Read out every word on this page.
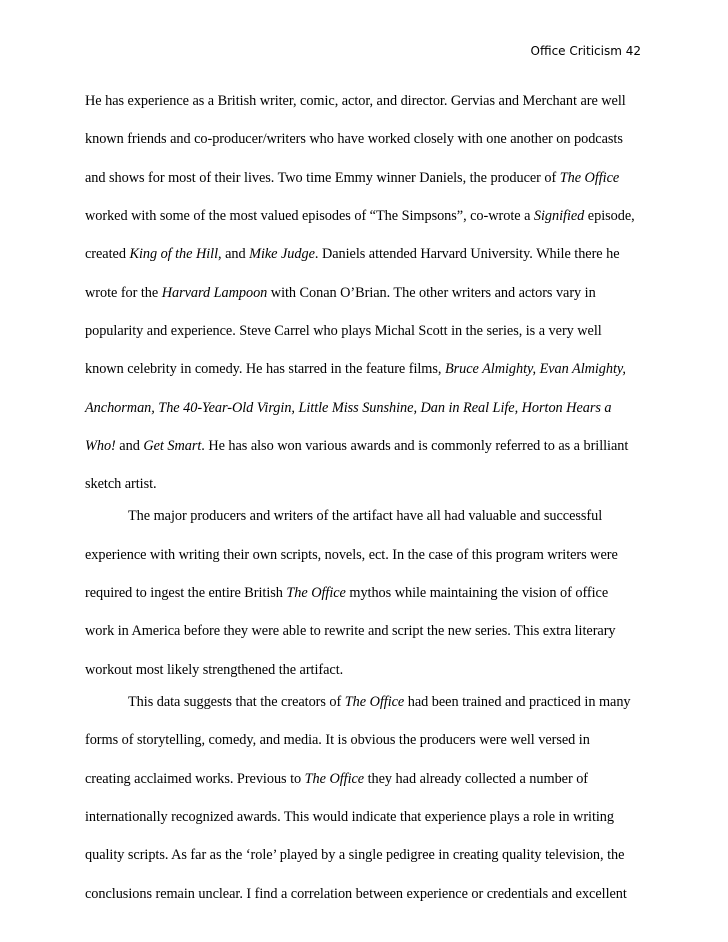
Office Criticism 42
He has experience as a British writer, comic, actor, and director. Gervias and Merchant are well
known friends and co-producer/writers who have worked closely with one another on podcasts
and shows for most of their lives. Two time Emmy winner Daniels, the producer of The Office
worked with some of the most valued episodes of “The Simpsons”, co-wrote a Signified episode,
created King of the Hill, and Mike Judge. Daniels attended Harvard University. While there he
wrote for the Harvard Lampoon with Conan O’Brian. The other writers and actors vary in
popularity and experience. Steve Carrel who plays Michal Scott in the series, is a very well
known celebrity in comedy. He has starred in the feature films, Bruce Almighty, Evan Almighty,
Anchorman, The 40-Year-Old Virgin, Little Miss Sunshine, Dan in Real Life, Horton Hears a
Who! and Get Smart. He has also won various awards and is commonly referred to as a brilliant
sketch artist.
The major producers and writers of the artifact have all had valuable and successful
experience with writing their own scripts, novels, ect. In the case of this program writers were
required to ingest the entire British The Office mythos while maintaining the vision of office
work in America before they were able to rewrite and script the new series. This extra literary
workout most likely strengthened the artifact.
This data suggests that the creators of The Office had been trained and practiced in many
forms of storytelling, comedy, and media. It is obvious the producers were well versed in
creating acclaimed works. Previous to The Office they had already collected a number of
internationally recognized awards. This would indicate that experience plays a role in writing
quality scripts. As far as the ‘role’ played by a single pedigree in creating quality television, the
conclusions remain unclear. I find a correlation between experience or credentials and excellent
